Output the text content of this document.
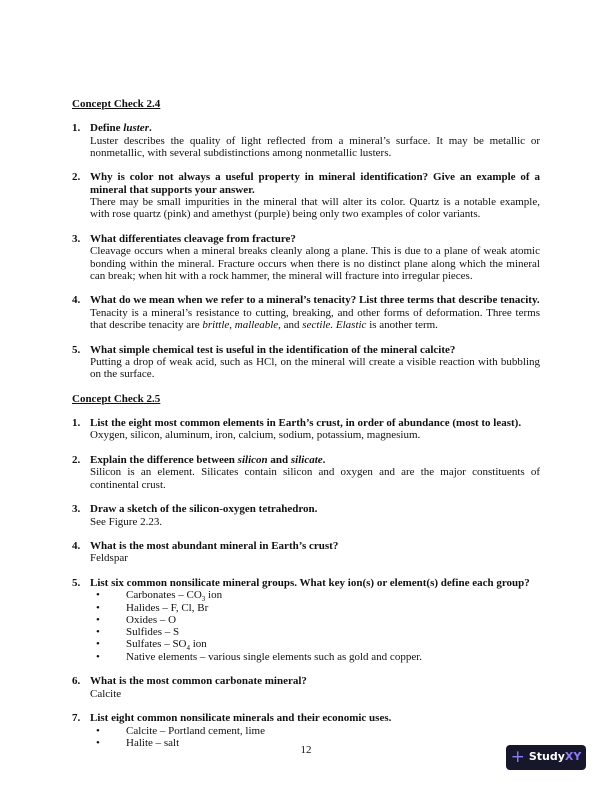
Concept Check 2.4
1. Define luster.
Luster describes the quality of light reflected from a mineral’s surface. It may be metallic or nonmetallic, with several subdistinctions among nonmetallic lusters.
2. Why is color not always a useful property in mineral identification? Give an example of a mineral that supports your answer.
There may be small impurities in the mineral that will alter its color. Quartz is a notable example, with rose quartz (pink) and amethyst (purple) being only two examples of color variants.
3. What differentiates cleavage from fracture?
Cleavage occurs when a mineral breaks cleanly along a plane. This is due to a plane of weak atomic bonding within the mineral. Fracture occurs when there is no distinct plane along which the mineral can break; when hit with a rock hammer, the mineral will fracture into irregular pieces.
4. What do we mean when we refer to a mineral’s tenacity? List three terms that describe tenacity.
Tenacity is a mineral’s resistance to cutting, breaking, and other forms of deformation. Three terms that describe tenacity are brittle, malleable, and sectile. Elastic is another term.
5. What simple chemical test is useful in the identification of the mineral calcite?
Putting a drop of weak acid, such as HCl, on the mineral will create a visible reaction with bubbling on the surface.
Concept Check 2.5
1. List the eight most common elements in Earth’s crust, in order of abundance (most to least).
Oxygen, silicon, aluminum, iron, calcium, sodium, potassium, magnesium.
2. Explain the difference between silicon and silicate.
Silicon is an element. Silicates contain silicon and oxygen and are the major constituents of continental crust.
3. Draw a sketch of the silicon-oxygen tetrahedron.
See Figure 2.23.
4. What is the most abundant mineral in Earth’s crust?
Feldspar
5. List six common nonsilicate mineral groups. What key ion(s) or element(s) define each group?
• Carbonates – $CO_3$ ion
• Halides – F, Cl, Br
• Oxides – O
• Sulfides – S
• Sulfates – $SO_4$ ion
• Native elements – various single elements such as gold and copper.
6. What is the most common carbonate mineral?
Calcite
7. List eight common nonsilicate minerals and their economic uses.
• Calcite – Portland cement, lime
• Halite – salt
12	+ StudyXY
